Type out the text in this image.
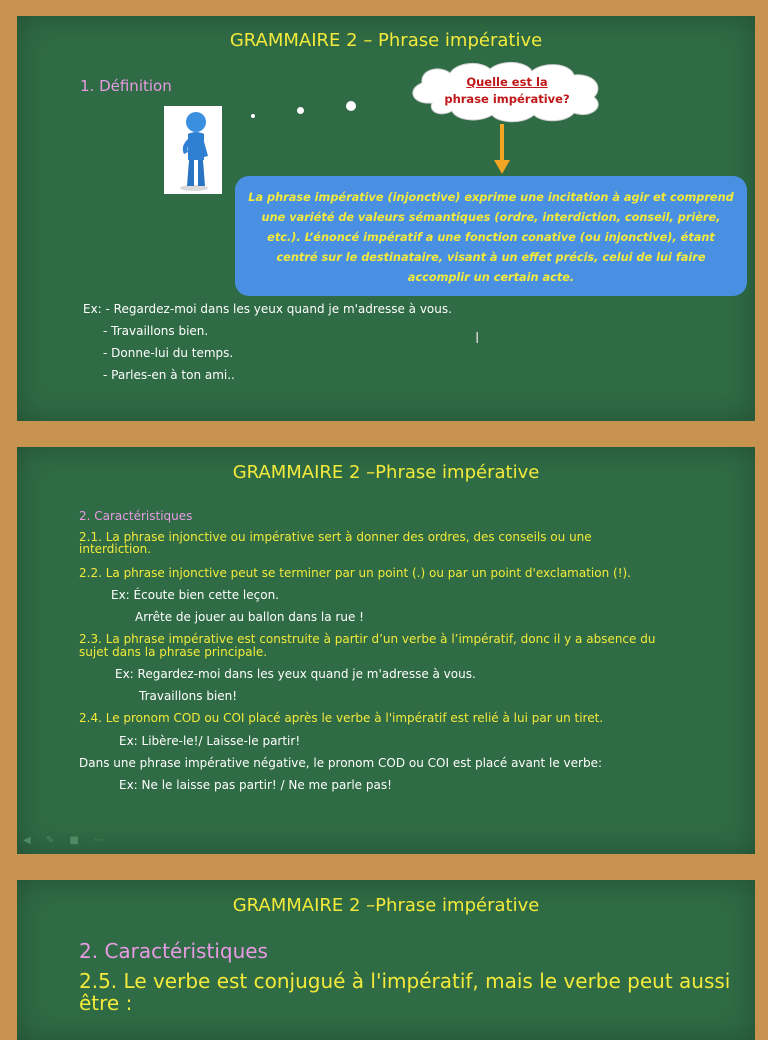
GRAMMAIRE 2 – Phrase impérative
1. Définition	Quelle est la
phrase impérative?
La phrase impérative (injonctive) exprime une incitation à agir et comprend une variété de valeurs sémantiques (ordre, interdiction, conseil, prière, etc.). L’énoncé impératif a une fonction conative (ou injonctive), étant centré sur le destinataire, visant à un effet précis, celui de lui faire accomplir un certain acte.
Ex: - Regardez-moi dans les yeux quand je m'adresse à vous.
- Travaillons bien.
- Donne-lui du temps.
- Parles-en à ton ami..
I
GRAMMAIRE 2 –Phrase impérative
2. Caractéristiques
2.1. La phrase injonctive ou impérative sert à donner des ordres, des conseils ou une
interdiction.
2.2. La phrase injonctive peut se terminer par un point (.) ou par un point d'exclamation (!).
Ex: Écoute bien cette leçon.
Arrête de jouer au ballon dans la rue !
2.3. La phrase impérative est construite à partir d’un verbe à l’impératif, donc il y a absence du
sujet dans la phrase principale.
Ex: Regardez-moi dans les yeux quand je m'adresse à vous.
Travaillons bien!
2.4. Le pronom COD ou COI placé après le verbe à l'impératif est relié à lui par un tiret.
Ex: Libère-le!/ Laisse-le partir!
Dans une phrase impérative négative, le pronom COD ou COI est placé avant le verbe:
Ex: Ne le laisse pas partir! / Ne me parle pas!
◀ ✎ ■ ⋯
GRAMMAIRE 2 –Phrase impérative
2. Caractéristiques
2.5. Le verbe est conjugué à l'impératif, mais le verbe peut aussi être :
